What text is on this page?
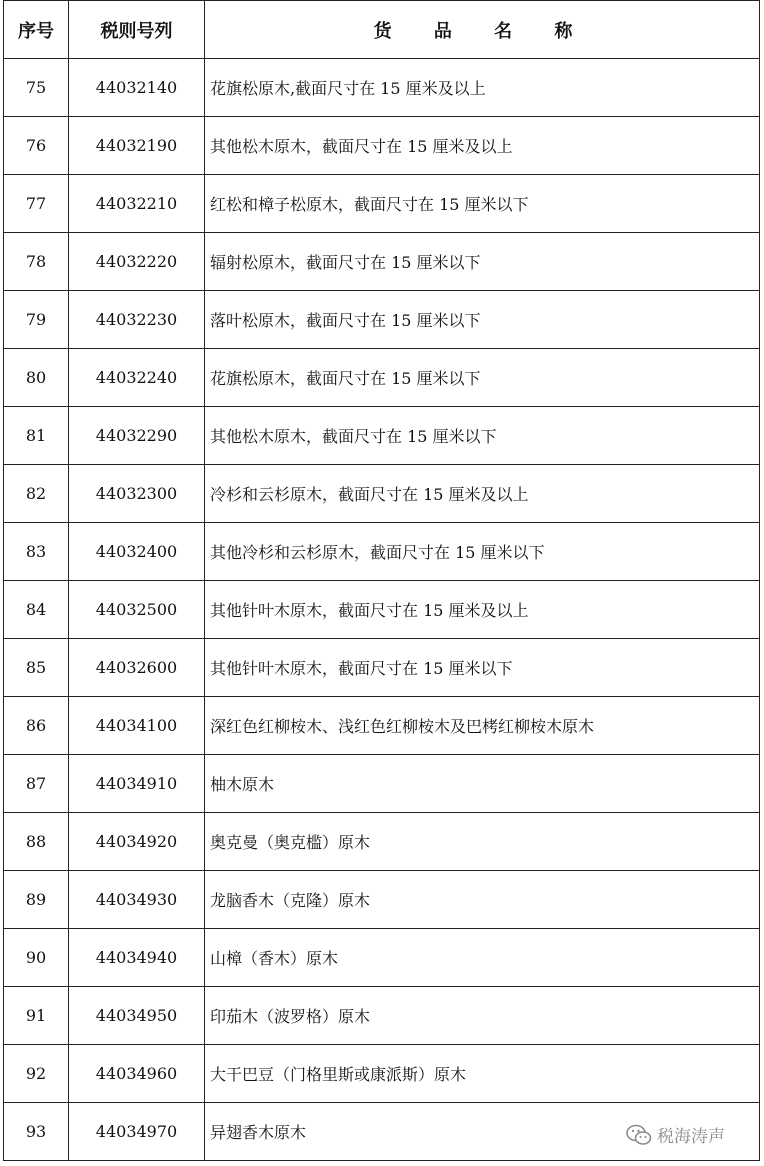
序号	税则号列	货 品 名 称
75	44032140	花旗松原木,截面尺寸在 15 厘米及以上
76	44032190	其他松木原木，截面尺寸在 15 厘米及以上
77	44032210	红松和樟子松原木，截面尺寸在 15 厘米以下
78	44032220	辐射松原木，截面尺寸在 15 厘米以下
79	44032230	落叶松原木，截面尺寸在 15 厘米以下
80	44032240	花旗松原木，截面尺寸在 15 厘米以下
81	44032290	其他松木原木，截面尺寸在 15 厘米以下
82	44032300	冷杉和云杉原木，截面尺寸在 15 厘米及以上
83	44032400	其他冷杉和云杉原木，截面尺寸在 15 厘米以下
84	44032500	其他针叶木原木，截面尺寸在 15 厘米及以上
85	44032600	其他针叶木原木，截面尺寸在 15 厘米以下
86	44034100	深红色红柳桉木、浅红色红柳桉木及巴栲红柳桉木原木
87	44034910	柚木原木
88	44034920	奥克曼（奥克槛）原木
89	44034930	龙脑香木（克隆）原木
90	44034940	山樟（香木）原木
91	44034950	印茄木（波罗格）原木
92	44034960	大干巴豆（门格里斯或康派斯）原木
93	44034970	异翅香木原木	税海涛声
